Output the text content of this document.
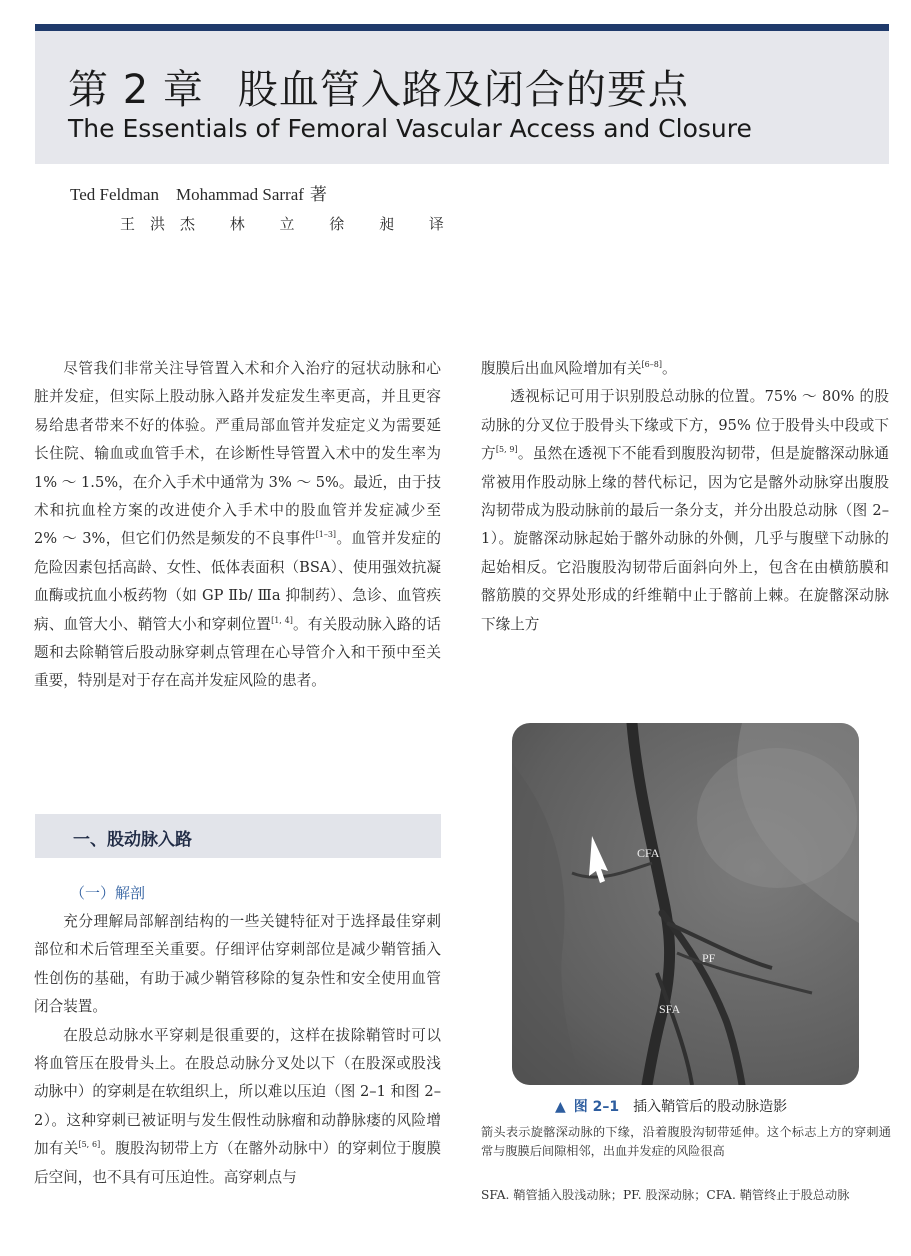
第 2 章 股血管入路及闭合的要点
The Essentials of Femoral Vascular Access and Closure
Ted Feldman    Mohammad Sarraf 著
王洪杰 林 立 徐 昶 译

尽管我们非常关注导管置入术和介入治疗的冠状动脉和心脏并发症，但实际上股动脉入路并发症发生率更高，并且更容易给患者带来不好的体验。严重局部血管并发症定义为需要延长住院、输血或血管手术，在诊断性导管置入术中的发生率为 1% ～ 1.5%，在介入手术中通常为 3% ～ 5%。最近，由于技术和抗血栓方案的改进使介入手术中的股血管并发症减少至 2% ～ 3%，但它们仍然是频发的不良事件[1–3]。血管并发症的危险因素包括高龄、女性、低体表面积（BSA）、使用强效抗凝血酶或抗血小板药物（如 GP Ⅱb/ Ⅲa 抑制药）、急诊、血管疾病、血管大小、鞘管大小和穿刺位置[1, 4]。有关股动脉入路的话题和去除鞘管后股动脉穿刺点管理在心导管介入和干预中至关重要，特别是对于存在高并发症风险的患者。

一、股动脉入路
（一）解剖

充分理解局部解剖结构的一些关键特征对于选择最佳穿刺部位和术后管理至关重要。仔细评估穿刺部位是减少鞘管插入性创伤的基础，有助于减少鞘管移除的复杂性和安全使用血管闭合装置。

在股总动脉水平穿刺是很重要的，这样在拔除鞘管时可以将血管压在股骨头上。在股总动脉分叉处以下（在股深或股浅动脉中）的穿刺是在软组织上，所以难以压迫（图 2–1 和图 2–2）。这种穿刺已被证明与发生假性动脉瘤和动静脉瘘的风险增加有关[5, 6]。腹股沟韧带上方（在髂外动脉中）的穿刺位于腹膜后空间，也不具有可压迫性。高穿刺点与

腹膜后出血风险增加有关[6–8]。

透视标记可用于识别股总动脉的位置。75% ～ 80% 的股动脉的分叉位于股骨头下缘或下方，95% 位于股骨头中段或下方[5, 9]。虽然在透视下不能看到腹股沟韧带，但是旋髂深动脉通常被用作股动脉上缘的替代标记，因为它是髂外动脉穿出腹股沟韧带成为股动脉前的最后一条分支，并分出股总动脉（图 2–1）。旋髂深动脉起始于髂外动脉的外侧，几乎与腹壁下动脉的起始相反。它沿腹股沟韧带后面斜向外上，包含在由横筋膜和髂筋膜的交界处形成的纤维鞘中止于髂前上棘。在旋髂深动脉下缘上方

CFA
PF
SFA
▲ 图 2–1 插入鞘管后的股动脉造影
箭头表示旋髂深动脉的下缘，沿着腹股沟韧带延伸。这个标志上方的穿刺通常与腹膜后间隙相邻，出血并发症的风险很高
SFA. 鞘管插入股浅动脉；PF. 股深动脉；CFA. 鞘管终止于股总动脉
